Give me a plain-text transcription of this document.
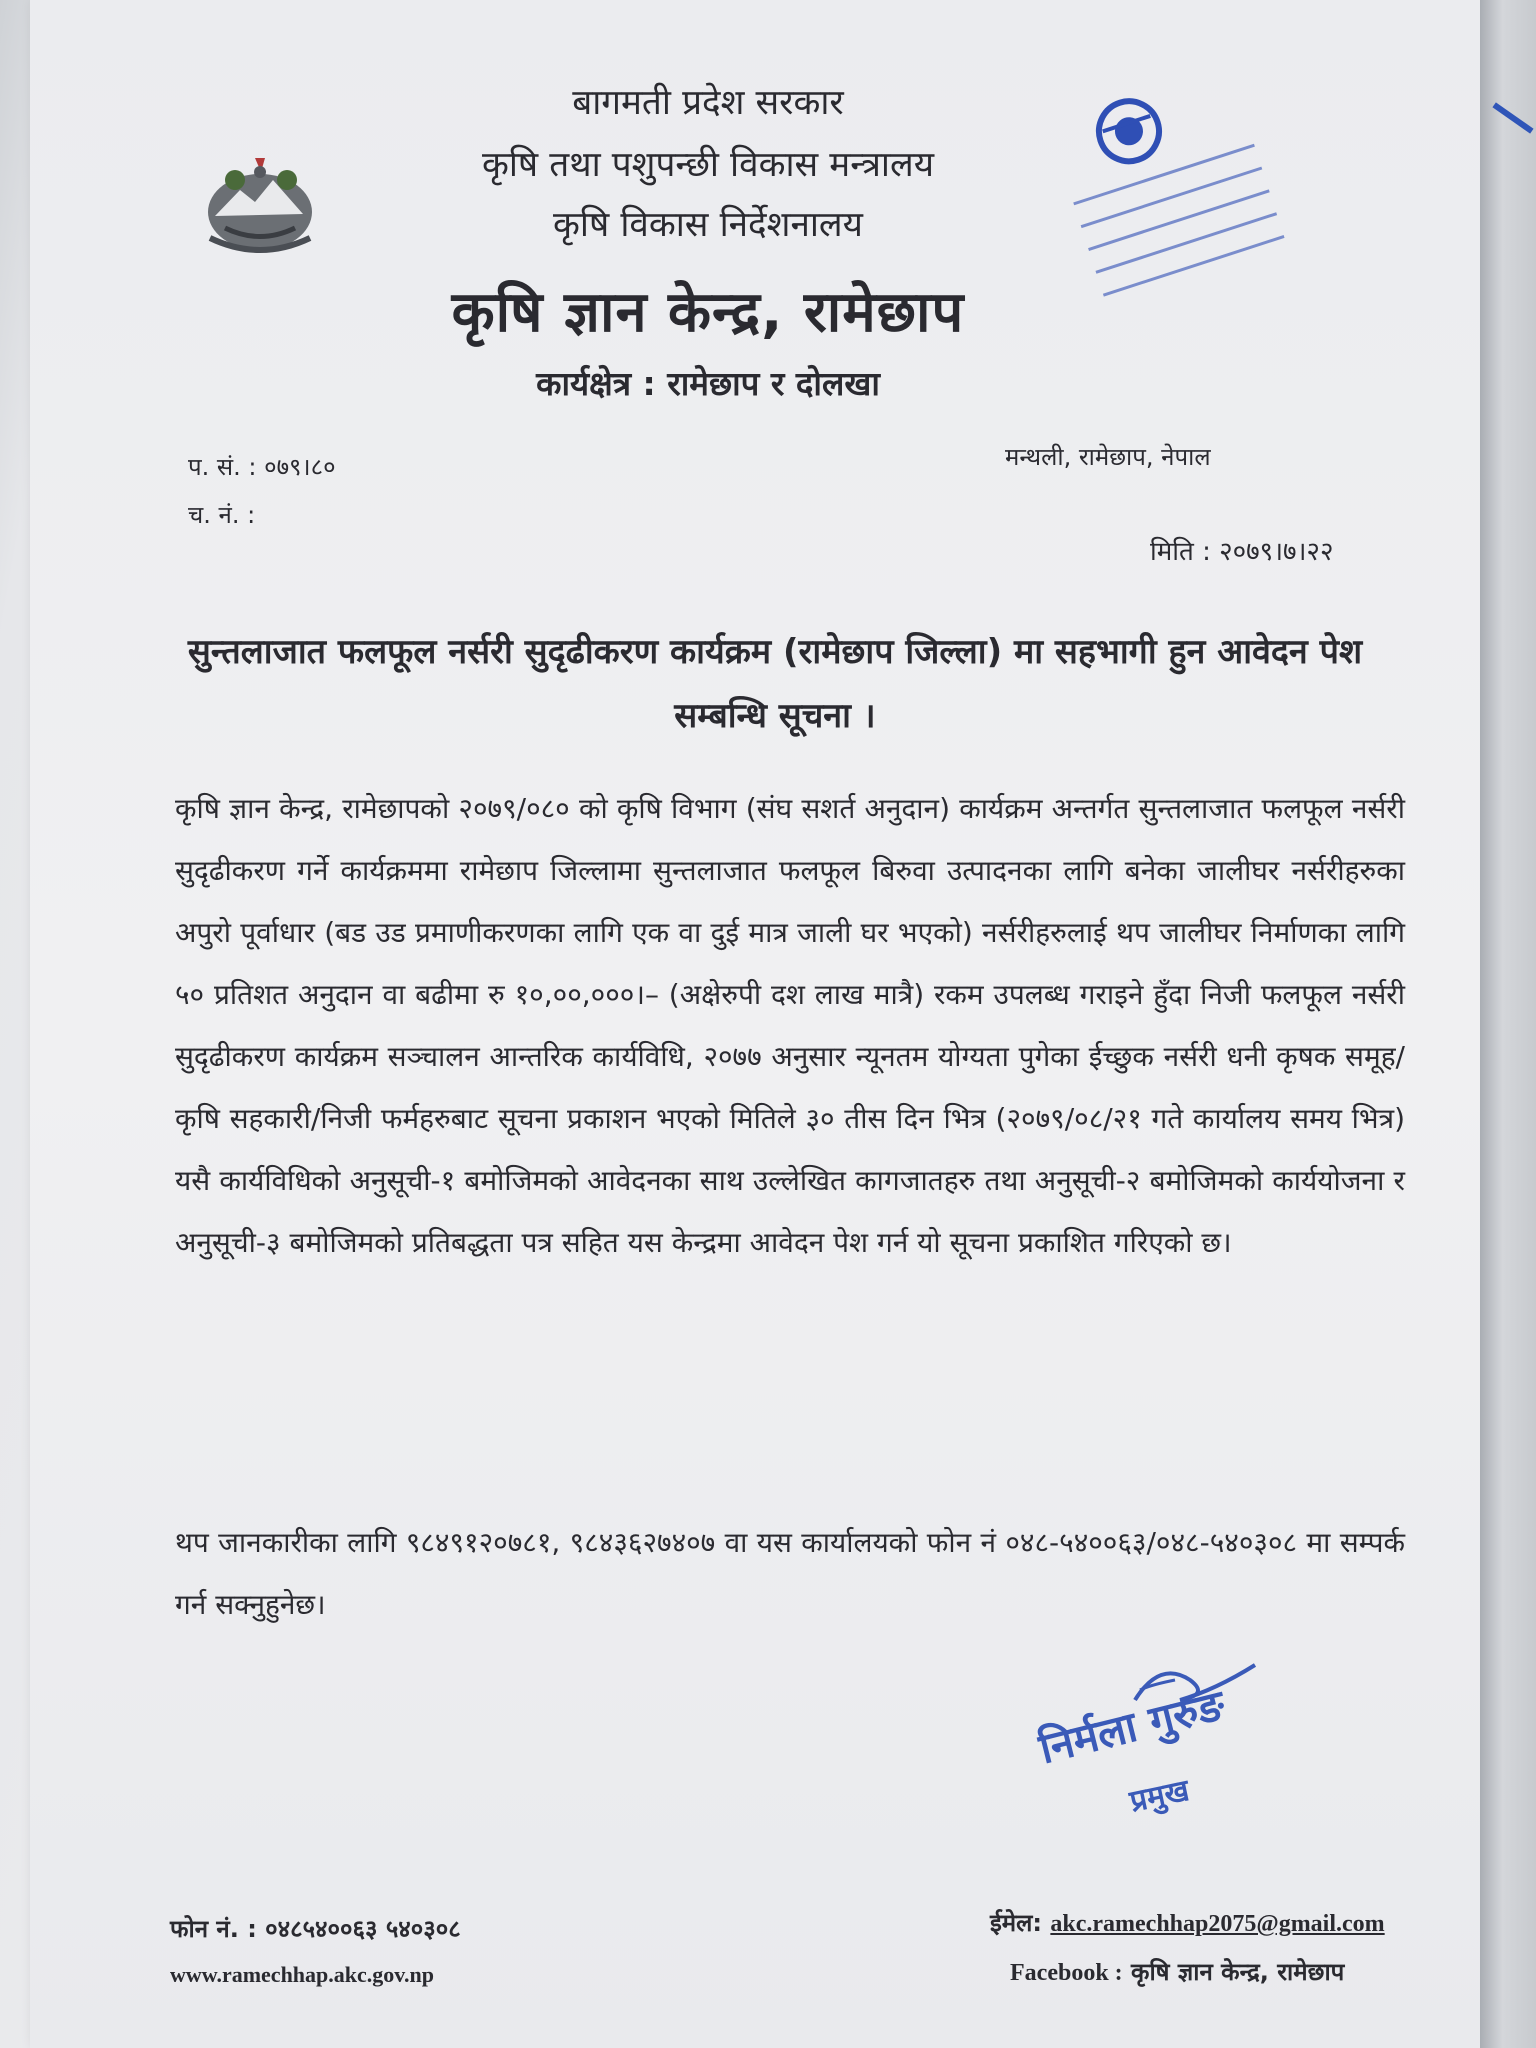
बागमती प्रदेश सरकार
कृषि तथा पशुपन्छी विकास मन्त्रालय
कृषि विकास निर्देशनालय
कृषि ज्ञान केन्द्र, रामेछाप
कार्यक्षेत्र : रामेछाप र दोलखा
प. सं. : ०७९।८०
च. नं. :
मन्थली, रामेछाप, नेपाल
मिति : २०७९।७।२२
सुन्तलाजात फलफूल नर्सरी सुदृढीकरण कार्यक्रम (रामेछाप जिल्ला) मा सहभागी हुन आवेदन पेश सम्बन्धि सूचना ।
कृषि ज्ञान केन्द्र, रामेछापको २०७९/०८० को कृषि विभाग (संघ सशर्त अनुदान) कार्यक्रम अन्तर्गत सुन्तलाजात फलफूल नर्सरी सुदृढीकरण गर्ने कार्यक्रममा रामेछाप जिल्लामा सुन्तलाजात फलफूल बिरुवा उत्पादनका लागि बनेका जालीघर नर्सरीहरुका अपुरो पूर्वाधार (बड उड प्रमाणीकरणका लागि एक वा दुई मात्र जाली घर भएको) नर्सरीहरुलाई थप जालीघर निर्माणका लागि ५० प्रतिशत अनुदान वा बढीमा रु १०,००,०००।– (अक्षेरुपी दश लाख मात्रै) रकम उपलब्ध गराइने हुँदा निजी फलफूल नर्सरी सुदृढीकरण कार्यक्रम सञ्चालन आन्तरिक कार्यविधि, २०७७ अनुसार न्यूनतम योग्यता पुगेका ईच्छुक नर्सरी धनी कृषक समूह/कृषि सहकारी/निजी फर्महरुबाट सूचना प्रकाशन भएको मितिले ३० तीस दिन भित्र (२०७९/०८/२१ गते कार्यालय समय भित्र) यसै कार्यविधिको अनुसूची-१ बमोजिमको आवेदनका साथ उल्लेखित कागजातहरु तथा अनुसूची-२ बमोजिमको कार्ययोजना र अनुसूची-३ बमोजिमको प्रतिबद्धता पत्र सहित यस केन्द्रमा आवेदन पेश गर्न यो सूचना प्रकाशित गरिएको छ।
थप जानकारीका लागि ९८४९१२०७८१, ९८४३६२७४०७ वा यस कार्यालयको फोन नं ०४८-५४००६३/०४८-५४०३०८ मा सम्पर्क गर्न सक्नुहुनेछ।
निर्मला गुरुङ
प्रमुख
फोन नं. : ०४८५४००६३ ५४०३०८
www.ramechhap.akc.gov.np
ईमेल: akc.ramechhap2075@gmail.com
Facebook : कृषि ज्ञान केन्द्र, रामेछाप
